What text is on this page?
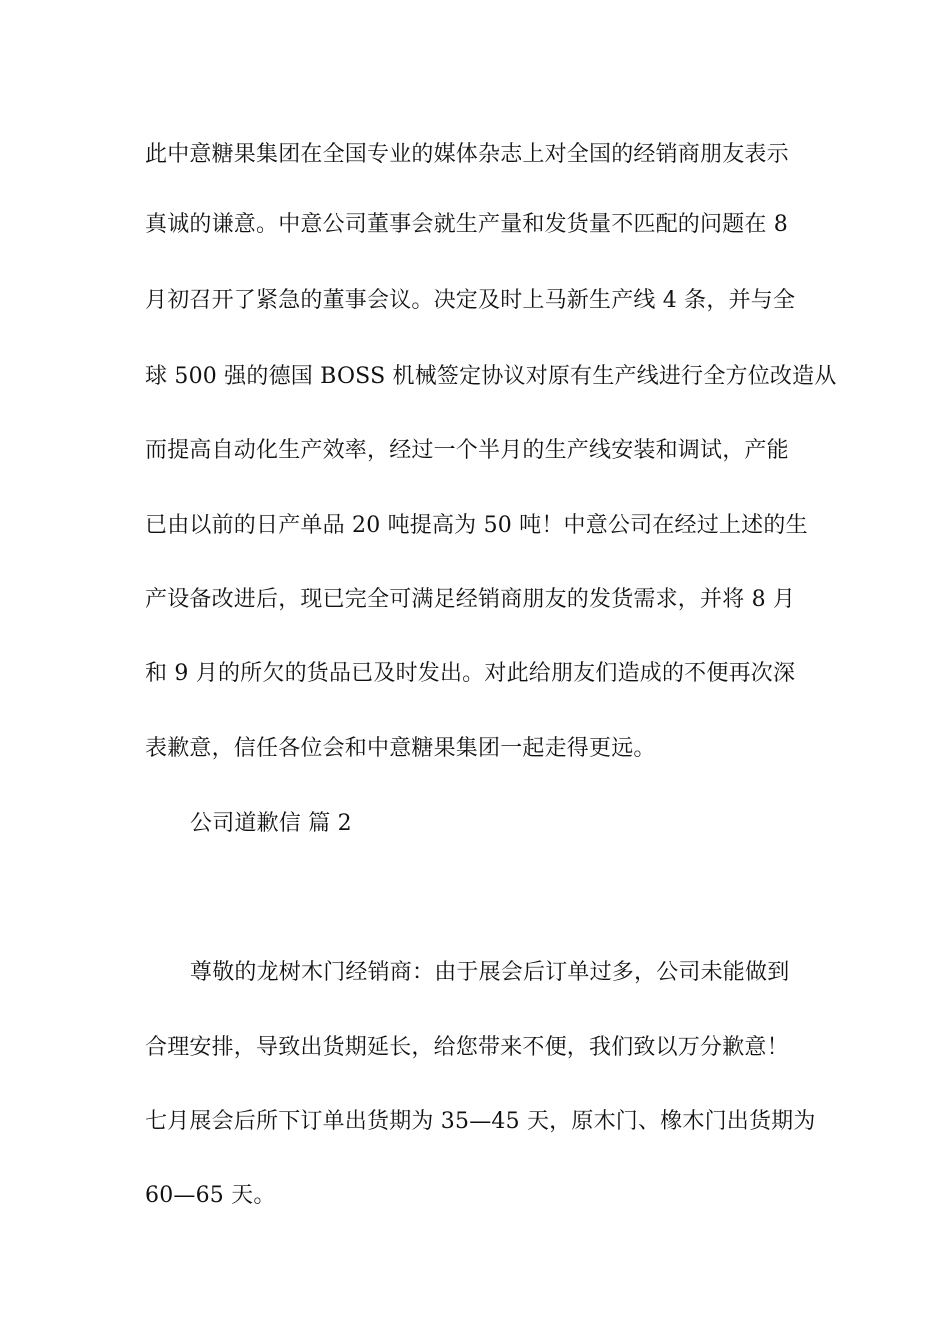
此中意糖果集团在全国专业的媒体杂志上对全国的经销商朋友表示
真诚的谦意。中意公司董事会就生产量和发货量不匹配的问题在 8
月初召开了紧急的董事会议。决定及时上马新生产线 4 条，并与全
球 500 强的德国 BOSS 机械签定协议对原有生产线进行全方位改造从
而提高自动化生产效率，经过一个半月的生产线安装和调试，产能
已由以前的日产单品 20 吨提高为 50 吨！中意公司在经过上述的生
产设备改进后，现已完全可满足经销商朋友的发货需求，并将 8 月
和 9 月的所欠的货品已及时发出。对此给朋友们造成的不便再次深
表歉意，信任各位会和中意糖果集团一起走得更远。
公司道歉信 篇 2
尊敬的龙树木门经销商：由于展会后订单过多，公司未能做到
合理安排，导致出货期延长，给您带来不便，我们致以万分歉意！
七月展会后所下订单出货期为 35—45 天，原木门、橡木门出货期为
60—65 天。
